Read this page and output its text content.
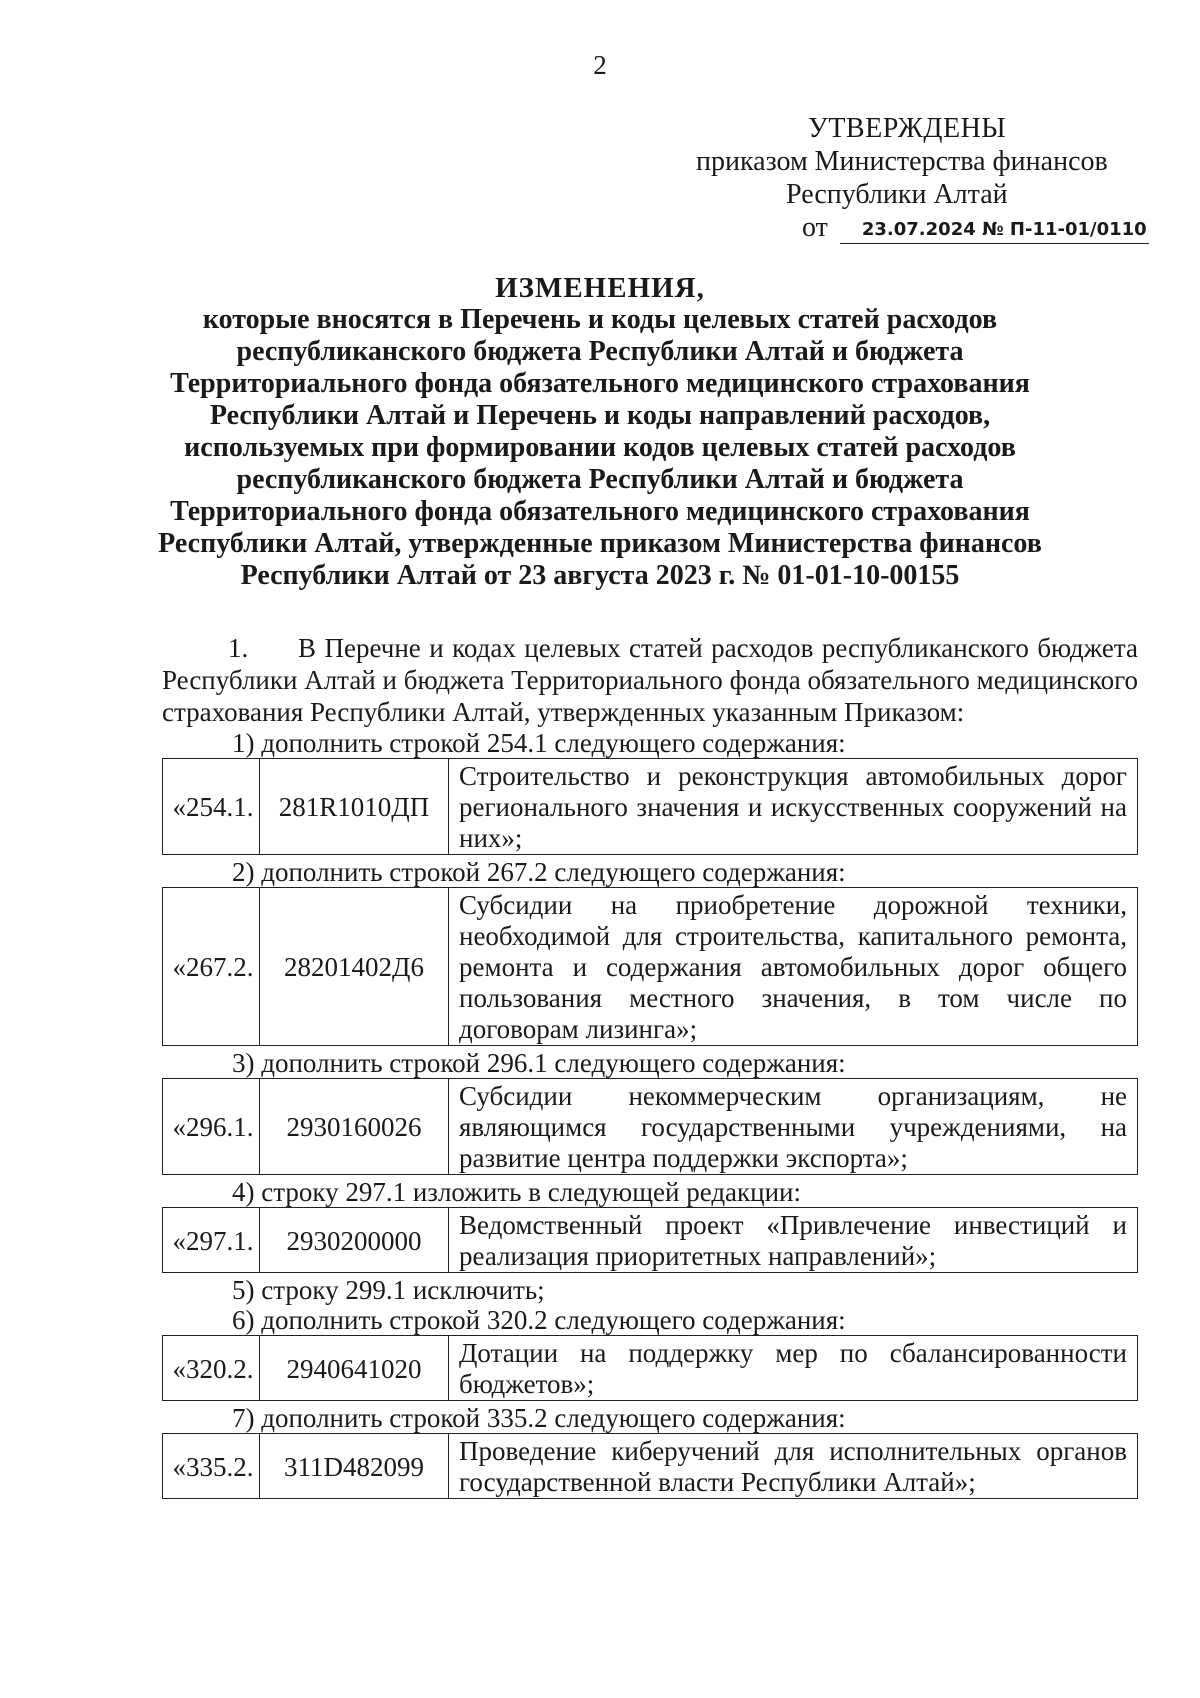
2
УТВЕРЖДЕНЫ
приказом Министерства финансов
Республики Алтай
от	23.07.2024 № П-11-01/0110
ИЗМЕНЕНИЯ,
которые вносятся в Перечень и коды целевых статей расходов
республиканского бюджета Республики Алтай и бюджета
Территориального фонда обязательного медицинского страхования
Республики Алтай и Перечень и коды направлений расходов,
используемых при формировании кодов целевых статей расходов
республиканского бюджета Республики Алтай и бюджета
Территориального фонда обязательного медицинского страхования
Республики Алтай, утвержденные приказом Министерства финансов
Республики Алтай от 23 августа 2023 г. № 01-01-10-00155
1. В Перечне и кодах целевых статей расходов республиканского бюджета Республики Алтай и бюджета Территориального фонда обязательного медицинского страхования Республики Алтай, утвержденных указанным Приказом:
1) дополнить строкой 254.1 следующего содержания:
«254.1.	281R1010ДП	Строительство и реконструкция автомобильных дорог регионального значения и искусственных сооружений на них»;
2) дополнить строкой 267.2 следующего содержания:
«267.2.	28201402Д6	Субсидии на приобретение дорожной техники, необходимой для строительства, капитального ремонта, ремонта и содержания автомобильных дорог общего пользования местного значения, в том числе по договорам лизинга»;
3) дополнить строкой 296.1 следующего содержания:
«296.1.	2930160026	Субсидии некоммерческим организациям, не являющимся государственными учреждениями, на развитие центра поддержки экспорта»;
4) строку 297.1 изложить в следующей редакции:
«297.1.	2930200000	Ведомственный проект «Привлечение инвестиций и реализация приоритетных направлений»;
5) строку 299.1 исключить;
6) дополнить строкой 320.2 следующего содержания:
«320.2.	2940641020	Дотации на поддержку мер по сбалансированности бюджетов»;
7) дополнить строкой 335.2 следующего содержания:
«335.2.	311D482099	Проведение киберучений для исполнительных органов государственной власти Республики Алтай»;
